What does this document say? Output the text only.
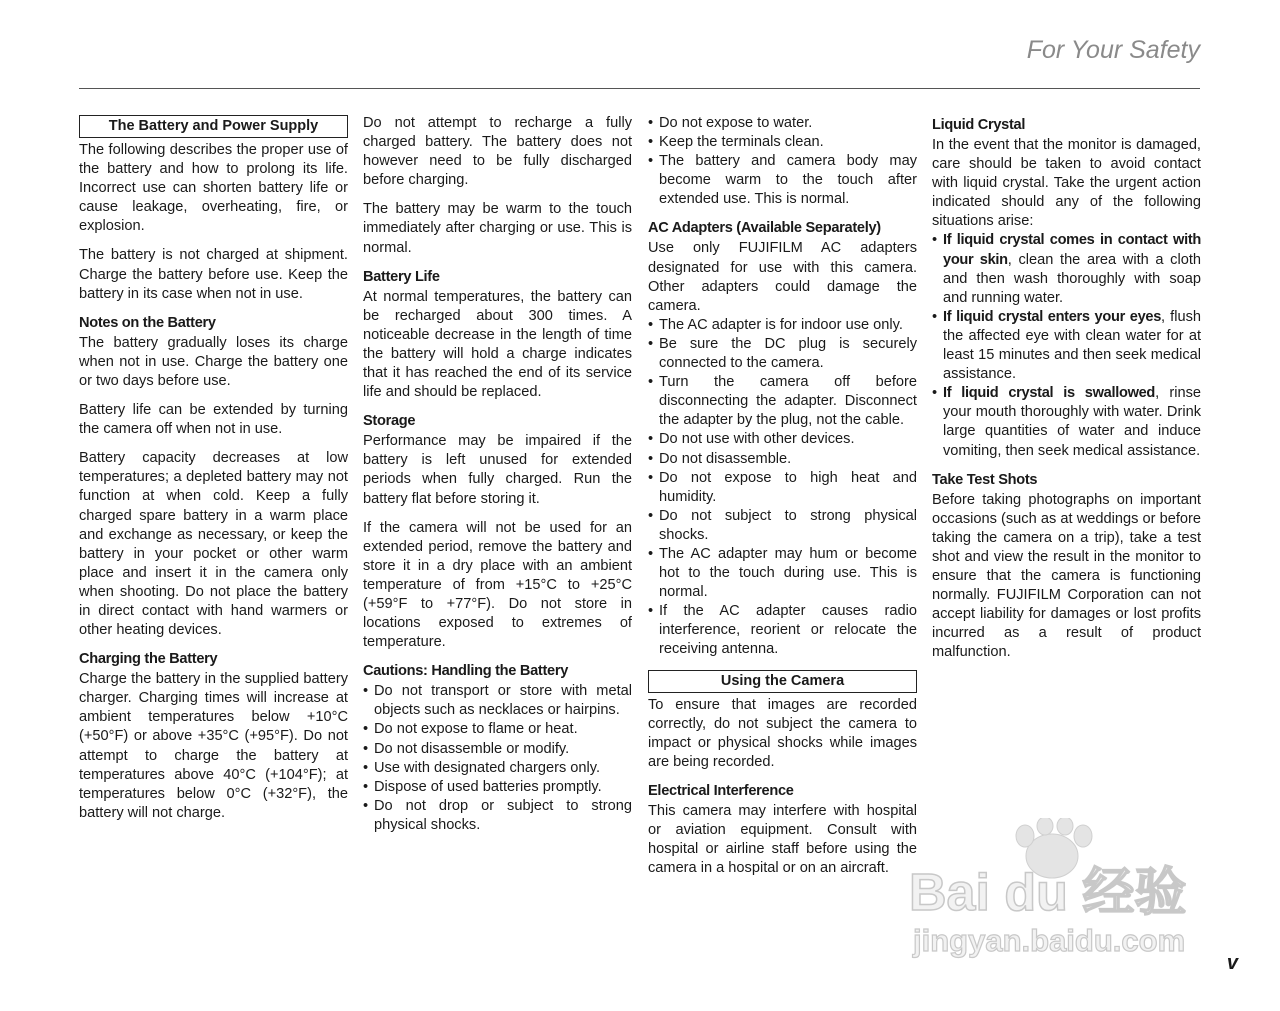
For Your Safety
The Battery and Power Supply

The following describes the proper use of the battery and how to prolong its life. Incorrect use can shorten battery life or cause leakage, overheating, fire, or explosion.

The battery is not charged at shipment. Charge the battery before use. Keep the battery in its case when not in use.

Notes on the Battery

The battery gradually loses its charge when not in use. Charge the battery one or two days before use.

Battery life can be extended by turning the camera off when not in use.

Battery capacity decreases at low temperatures; a depleted battery may not function at when cold. Keep a fully charged spare battery in a warm place and exchange as necessary, or keep the battery in your pocket or other warm place and insert it in the camera only when shooting. Do not place the battery in direct contact with hand warmers or other heating devices.

Charging the Battery

Charge the battery in the supplied battery charger. Charging times will increase at ambient temperatures below +10°C (+50°F) or above +35°C (+95°F). Do not attempt to charge the battery at temperatures above 40°C (+104°F); at temperatures below 0°C (+32°F), the battery will not charge.

Do not attempt to recharge a fully charged battery. The battery does not however need to be fully discharged before charging.

The battery may be warm to the touch immediately after charging or use. This is normal.

Battery Life

At normal temperatures, the battery can be recharged about 300 times. A noticeable decrease in the length of time the battery will hold a charge indicates that it has reached the end of its service life and should be replaced.

Storage

Performance may be impaired if the battery is left unused for extended periods when fully charged. Run the battery flat before storing it.

If the camera will not be used for an extended period, remove the battery and store it in a dry place with an ambient temperature of from +15°C to +25°C (+59°F to +77°F). Do not store in locations exposed to extremes of temperature.

Cautions: Handling the Battery
• Do not transport or store with metal objects such as necklaces or hairpins.
• Do not expose to flame or heat.
• Do not disassemble or modify.
• Use with designated chargers only.
• Dispose of used batteries promptly.
• Do not drop or subject to strong physical shocks.
• Do not expose to water.
• Keep the terminals clean.
• The battery and camera body may become warm to the touch after extended use. This is normal.
AC Adapters (Available Separately)

Use only FUJIFILM AC adapters designated for use with this camera. Other adapters could damage the camera.

• The AC adapter is for indoor use only.
• Be sure the DC plug is securely connected to the camera.
• Turn the camera off before disconnecting the adapter. Disconnect the adapter by the plug, not the cable.
• Do not use with other devices.
• Do not disassemble.
• Do not expose to high heat and humidity.
• Do not subject to strong physical shocks.
• The AC adapter may hum or become hot to the touch during use. This is normal.
• If the AC adapter causes radio interference, reorient or relocate the receiving antenna.
Using the Camera

To ensure that images are recorded correctly, do not subject the camera to impact or physical shocks while images are being recorded.

Electrical Interference

This camera may interfere with hospital or aviation equipment. Consult with hospital or airline staff before using the camera in a hospital or on an aircraft.

Liquid Crystal

In the event that the monitor is damaged, care should be taken to avoid contact with liquid crystal. Take the urgent action indicated should any of the following situations arise:

• If liquid crystal comes in contact with your skin, clean the area with a cloth and then wash thoroughly with soap and running water.
• If liquid crystal enters your eyes, flush the affected eye with clean water for at least 15 minutes and then seek medical assistance.
• If liquid crystal is swallowed, rinse your mouth thoroughly with water. Drink large quantities of water and induce vomiting, then seek medical assistance.
Take Test Shots

Before taking photographs on important occasions (such as at weddings or before taking the camera on a trip), take a test shot and view the result in the monitor to ensure that the camera is functioning normally. FUJIFILM Corporation can not accept liability for damages or lost profits incurred as a result of product malfunction.

Bai du 经验
jingyan.baidu.com
v
